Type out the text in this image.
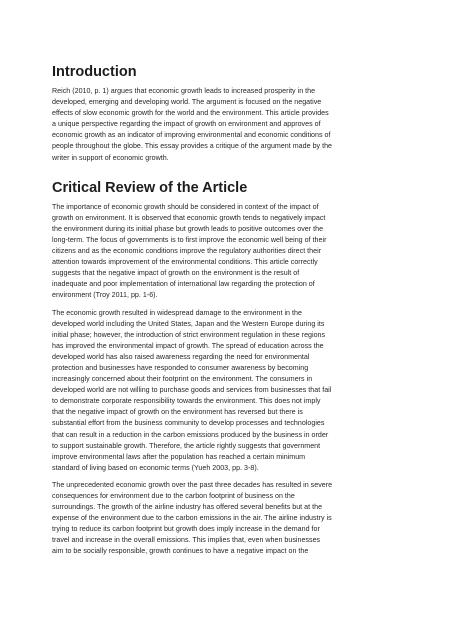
Introduction
Reich (2010, p. 1) argues that economic growth leads to increased prosperity in the
developed, emerging and developing world. The argument is focused on the negative
effects of slow economic growth for the world and the environment. This article provides
a unique perspective regarding the impact of growth on environment and approves of
economic growth as an indicator of improving environmental and economic conditions of
people throughout the globe. This essay provides a critique of the argument made by the
writer in support of economic growth.
Critical Review of the Article
The importance of economic growth should be considered in context of the impact of
growth on environment. It is observed that economic growth tends to negatively impact
the environment during its initial phase but growth leads to positive outcomes over the
long-term. The focus of governments is to first improve the economic well being of their
citizens and as the economic conditions improve the regulatory authorities direct their
attention towards improvement of the environmental conditions. This article correctly
suggests that the negative impact of growth on the environment is the result of
inadequate and poor implementation of international law regarding the protection of
environment (Troy 2011, pp. 1-6).
The economic growth resulted in widespread damage to the environment in the
developed world including the United States, Japan and the Western Europe during its
initial phase; however, the introduction of strict environment regulation in these regions
has improved the environmental impact of growth. The spread of education across the
developed world has also raised awareness regarding the need for environmental
protection and businesses have responded to consumer awareness by becoming
increasingly concerned about their footprint on the environment. The consumers in
developed world are not willing to purchase goods and services from businesses that fail
to demonstrate corporate responsibility towards the environment. This does not imply
that the negative impact of growth on the environment has reversed but there is
substantial effort from the business community to develop processes and technologies
that can result in a reduction in the carbon emissions produced by the business in order
to support sustainable growth. Therefore, the article rightly suggests that government
improve environmental laws after the population has reached a certain minimum
standard of living based on economic terms (Yueh 2003, pp. 3-8).
The unprecedented economic growth over the past three decades has resulted in severe
consequences for environment due to the carbon footprint of business on the
surroundings. The growth of the airline industry has offered several benefits but at the
expense of the environment due to the carbon emissions in the air. The airline industry is
trying to reduce its carbon footprint but growth does imply increase in the demand for
travel and increase in the overall emissions. This implies that, even when businesses
aim to be socially responsible, growth continues to have a negative impact on the
